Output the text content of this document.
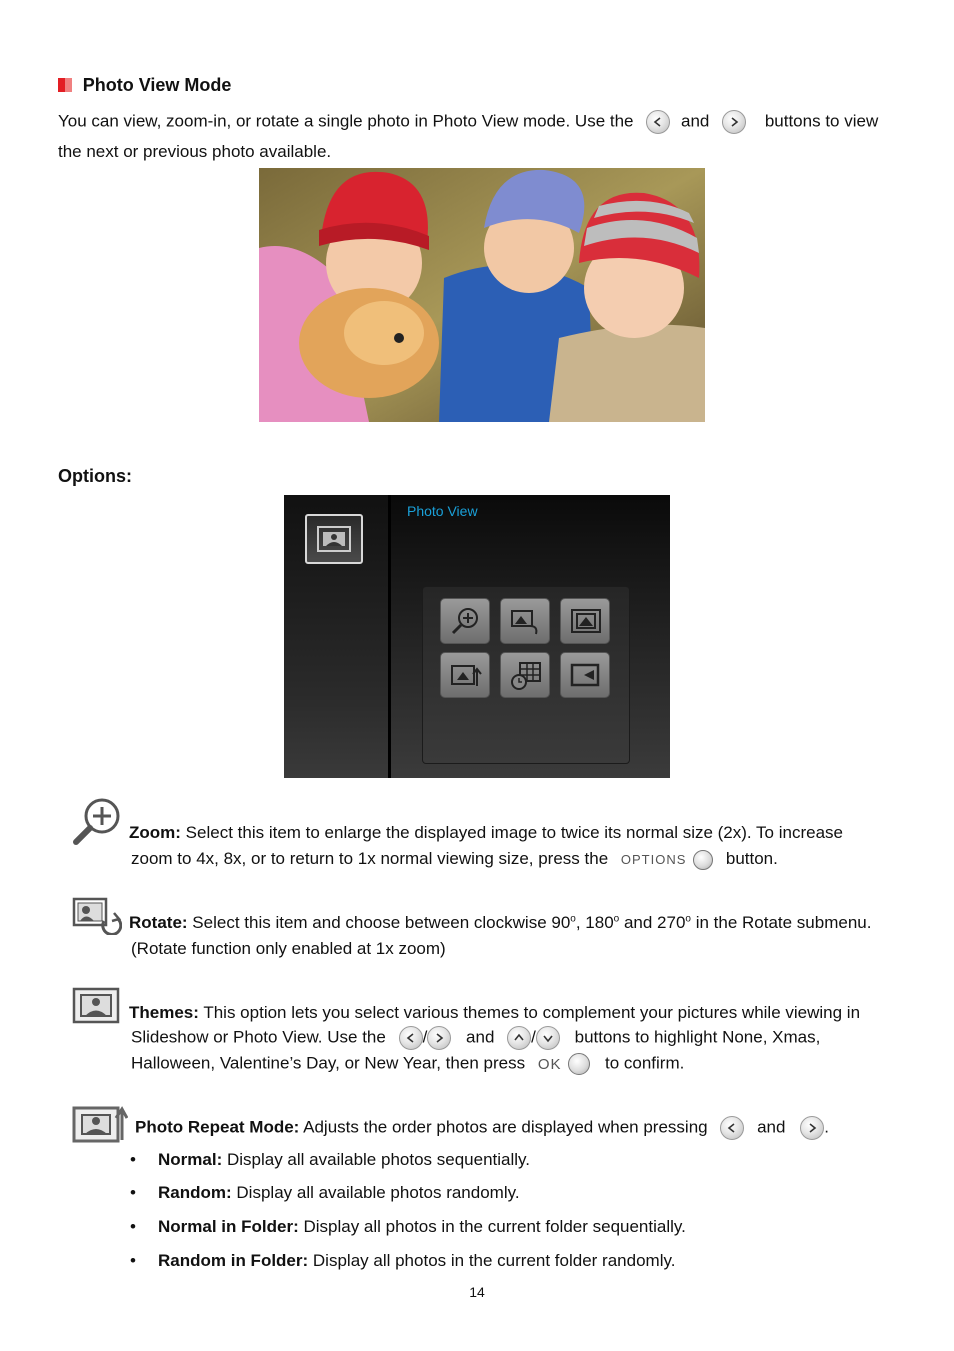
Photo View Mode
You can view, zoom-in, or rotate a single photo in Photo View mode. Use the	and	buttons to view
the next or previous photo available.
Options:
Photo View
Zoom: Select this item to enlarge the displayed image to twice its normal size (2x). To increase
zoom to 4x, 8x, or to return to 1x normal viewing size, press the OPTIONS button.
Rotate: Select this item and choose between clockwise 90$^o$, 180$^o$ and 270$^o$ in the Rotate submenu.
(Rotate function only enabled at 1x zoom)
Themes: This option lets you select various themes to complement your pictures while viewing in
Slideshow or Photo View. Use the / and / buttons to highlight None, Xmas,
Halloween, Valentine’s Day, or New Year, then press OK	to confirm.
Photo Repeat Mode: Adjusts the order photos are displayed when pressing	and .
• Normal: Display all available photos sequentially.
• Random: Display all available photos randomly.
• Normal in Folder: Display all photos in the current folder sequentially.
• Random in Folder: Display all photos in the current folder randomly.
14
